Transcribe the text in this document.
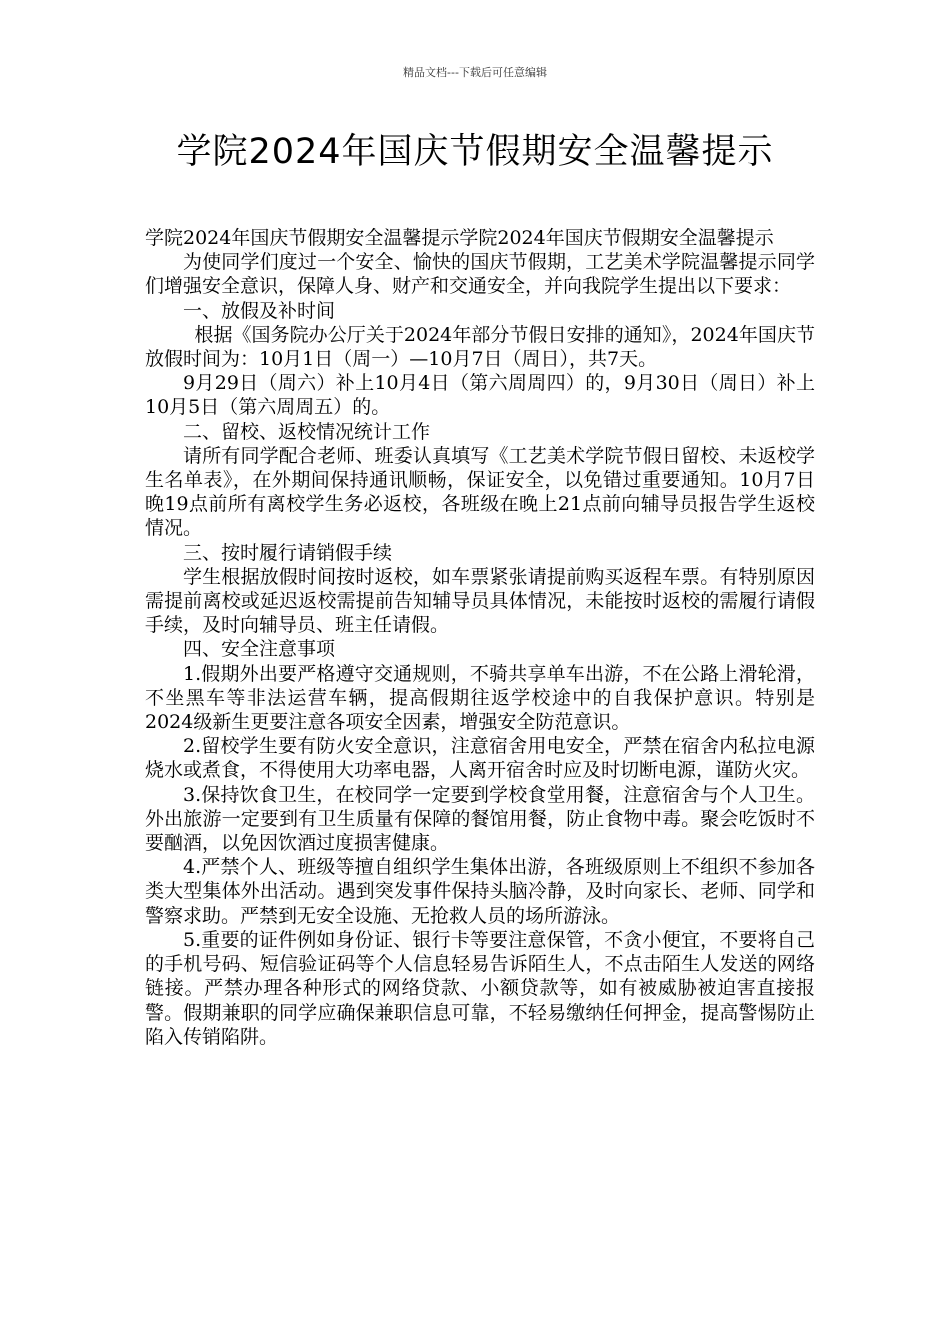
精品文档---下载后可任意编辑
学院2024年国庆节假期安全温馨提示

学院2024年国庆节假期安全温馨提示学院2024年国庆节假期安全温馨提示

为使同学们度过一个安全、愉快的国庆节假期，工艺美术学院温馨提示同学们增强安全意识，保障人身、财产和交通安全，并向我院学生提出以下要求：

一、放假及补时间

根据《国务院办公厅关于2024年部分节假日安排的通知》，2024年国庆节放假时间为：10月1日（周一）—10月7日（周日），共7天。

9月29日（周六）补上10月4日（第六周周四）的，9月30日（周日）补上10月5日（第六周周五）的。

二、留校、返校情况统计工作

请所有同学配合老师、班委认真填写《工艺美术学院节假日留校、未返校学生名单表》，在外期间保持通讯顺畅，保证安全，以免错过重要通知。10月7日晚19点前所有离校学生务必返校，各班级在晚上21点前向辅导员报告学生返校情况。

三、按时履行请销假手续

学生根据放假时间按时返校，如车票紧张请提前购买返程车票。有特别原因需提前离校或延迟返校需提前告知辅导员具体情况，未能按时返校的需履行请假手续，及时向辅导员、班主任请假。

四、安全注意事项

1.假期外出要严格遵守交通规则，不骑共享单车出游，不在公路上滑轮滑，不坐黑车等非法运营车辆，提高假期往返学校途中的自我保护意识。特别是2024级新生更要注意各项安全因素，增强安全防范意识。

2.留校学生要有防火安全意识，注意宿舍用电安全，严禁在宿舍内私拉电源烧水或煮食，不得使用大功率电器，人离开宿舍时应及时切断电源，谨防火灾。

3.保持饮食卫生，在校同学一定要到学校食堂用餐，注意宿舍与个人卫生。外出旅游一定要到有卫生质量有保障的餐馆用餐，防止食物中毒。聚会吃饭时不要酗酒，以免因饮酒过度损害健康。

4.严禁个人、班级等擅自组织学生集体出游，各班级原则上不组织不参加各类大型集体外出活动。遇到突发事件保持头脑冷静，及时向家长、老师、同学和警察求助。严禁到无安全设施、无抢救人员的场所游泳。

5.重要的证件例如身份证、银行卡等要注意保管，不贪小便宜，不要将自己的手机号码、短信验证码等个人信息轻易告诉陌生人，不点击陌生人发送的网络链接。严禁办理各种形式的网络贷款、小额贷款等，如有被威胁被迫害直接报警。假期兼职的同学应确保兼职信息可靠，不轻易缴纳任何押金，提高警惕防止陷入传销陷阱。
